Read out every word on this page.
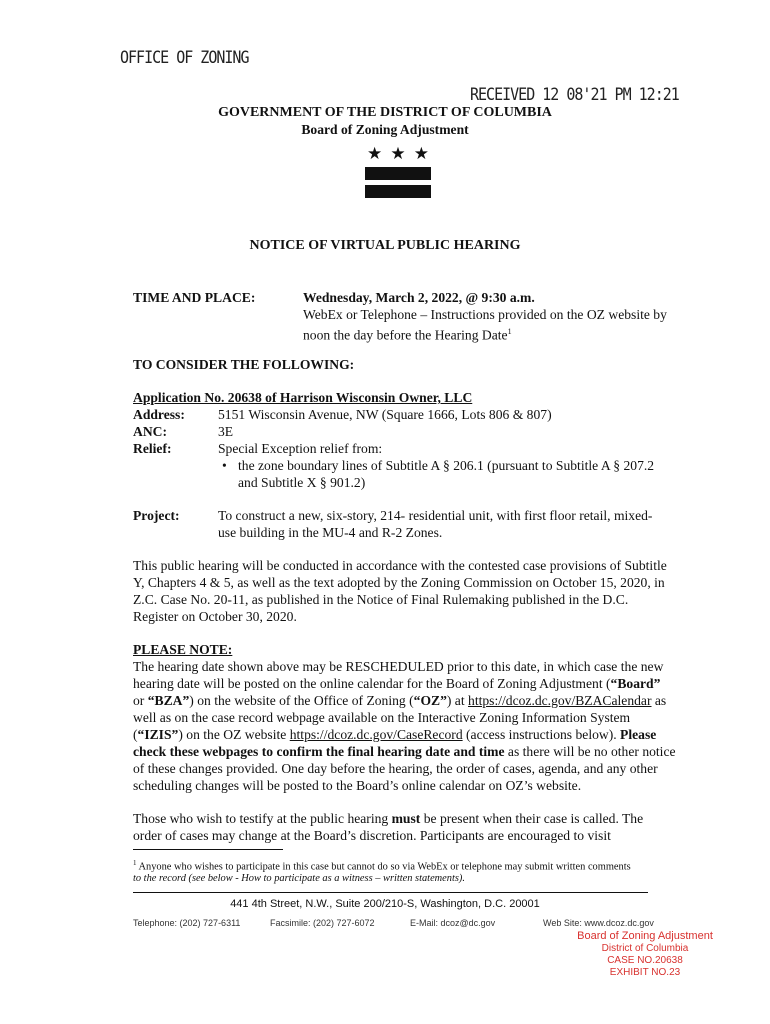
OFFICE OF ZONING
RECEIVED 12 08'21 PM 12:21
GOVERNMENT OF THE DISTRICT OF COLUMBIA
Board of Zoning Adjustment
★ ★ ★
NOTICE OF VIRTUAL PUBLIC HEARING
TIME AND PLACE:	Wednesday, March 2, 2022, @ 9:30 a.m.
WebEx or Telephone – Instructions provided on the OZ website by
noon the day before the Hearing Date$^1$
TO CONSIDER THE FOLLOWING:
Application No. 20638 of Harrison Wisconsin Owner, LLC
Address: 5151 Wisconsin Avenue, NW (Square 1666, Lots 806 & 807)
ANC:	3E
Relief:	Special Exception relief from:
• the zone boundary lines of Subtitle A § 206.1 (pursuant to Subtitle A § 207.2
and Subtitle X § 901.2)
Project:	To construct a new, six-story, 214- residential unit, with first floor retail, mixed-
use building in the MU-4 and R-2 Zones.
This public hearing will be conducted in accordance with the contested case provisions of Subtitle
Y, Chapters 4 & 5, as well as the text adopted by the Zoning Commission on October 15, 2020, in
Z.C. Case No. 20-11, as published in the Notice of Final Rulemaking published in the D.C.
Register on October 30, 2020.
PLEASE NOTE:
The hearing date shown above may be RESCHEDULED prior to this date, in which case the new
hearing date will be posted on the online calendar for the Board of Zoning Adjustment (“Board”
or “BZA”) on the website of the Office of Zoning (“OZ”) at https://dcoz.dc.gov/BZACalendar as
well as on the case record webpage available on the Interactive Zoning Information System
(“IZIS”) on the OZ website https://dcoz.dc.gov/CaseRecord (access instructions below). Please
check these webpages to confirm the final hearing date and time as there will be no other notice
of these changes provided. One day before the hearing, the order of cases, agenda, and any other
scheduling changes will be posted to the Board’s online calendar on OZ’s website.
Those who wish to testify at the public hearing must be present when their case is called. The
order of cases may change at the Board’s discretion. Participants are encouraged to visit
$^1$ Anyone who wishes to participate in this case but cannot do so via WebEx or telephone may submit written comments
to the record (see below - How to participate as a witness – written statements).
441 4th Street, N.W., Suite 200/210-S, Washington, D.C. 20001
Telephone: (202) 727-6311	Facsimile: (202) 727-6072	E-Mail: dcoz@dc.gov	Web Site: www.dcoz.dc.gov
Board of Zoning Adjustment
District of Columbia
CASE NO.20638
EXHIBIT NO.23
